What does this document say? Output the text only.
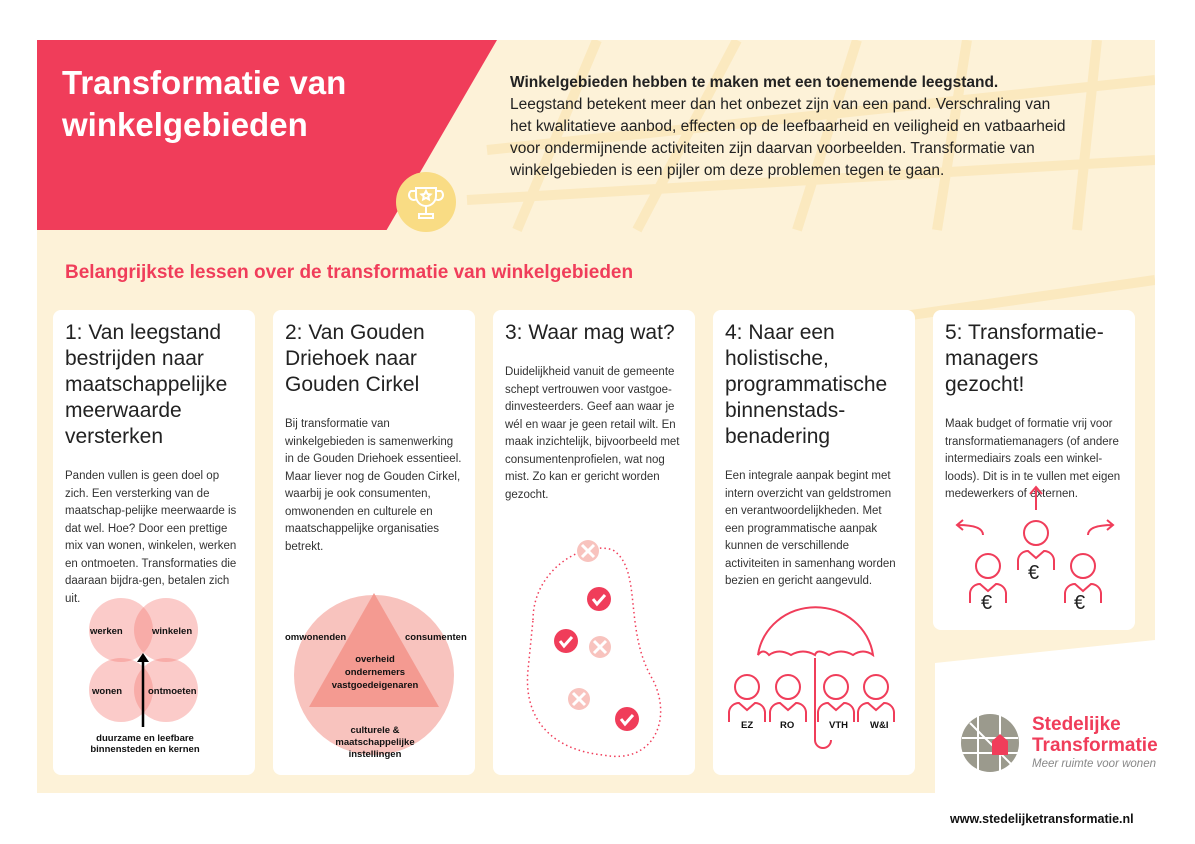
Transformatie van winkelgebieden
Winkelgebieden hebben te maken met een toenemende leegstand.
Leegstand betekent meer dan het onbezet zijn van een pand. Verschraling van het kwalitatieve aanbod, effecten op de leefbaarheid en veiligheid en vatbaarheid voor ondermijnende activiteiten zijn daarvan voorbeelden. Transformatie van winkelgebieden is een pijler om deze problemen tegen te gaan.
Belangrijkste lessen over de transformatie van winkelgebieden
1: Van leegstand bestrijden naar maatschappelijke meerwaarde versterken

Panden vullen is geen doel op zich. Een versterking van de maatschap-pelijke meerwaarde is dat wel. Hoe? Door een prettige mix van wonen, winkelen, werken en ontmoeten. Transformaties die daaraan bijdra-gen, betalen zich uit.

werken	winkelen
wonen	ontmoeten
duurzame en leefbare binnensteden en kernen
2: Van Gouden Driehoek naar Gouden Cirkel

Bij transformatie van winkelgebieden is samenwerking in de Gouden Driehoek essentieel. Maar liever nog de Gouden Cirkel, waarbij je ook consumenten, omwonenden en culturele en maatschappelijke organisaties betrekt.

omwonenden	consumenten
overheid ondernemers vastgoedeigenaren
culturele & maatschappelijke instellingen
3: Waar mag wat?

Duidelijkheid vanuit de gemeente schept vertrouwen voor vastgoe-dinvesteerders. Geef aan waar je wél en waar je geen retail wilt. En maak inzichtelijk, bijvoorbeeld met consumentenprofielen, wat nog mist. Zo kan er gericht worden gezocht.

4: Naar een holistische, programmatische binnenstads-benadering

Een integrale aanpak begint met intern overzicht van geldstromen en verantwoordelijkheden. Met een programmatische aanpak kunnen de verschillende activiteiten in samenhang worden bezien en gericht aangevuld.

EZ	RO	VTH W&I
5: Transformatie-managers gezocht!

Maak budget of formatie vrij voor transformatiemanagers (of andere intermediairs zoals een winkel-loods). Dit is in te vullen met eigen medewerkers of externen.

€
€	€
Stedelijke Transformatie
Meer ruimte voor wonen
www.stedelijketransformatie.nl
